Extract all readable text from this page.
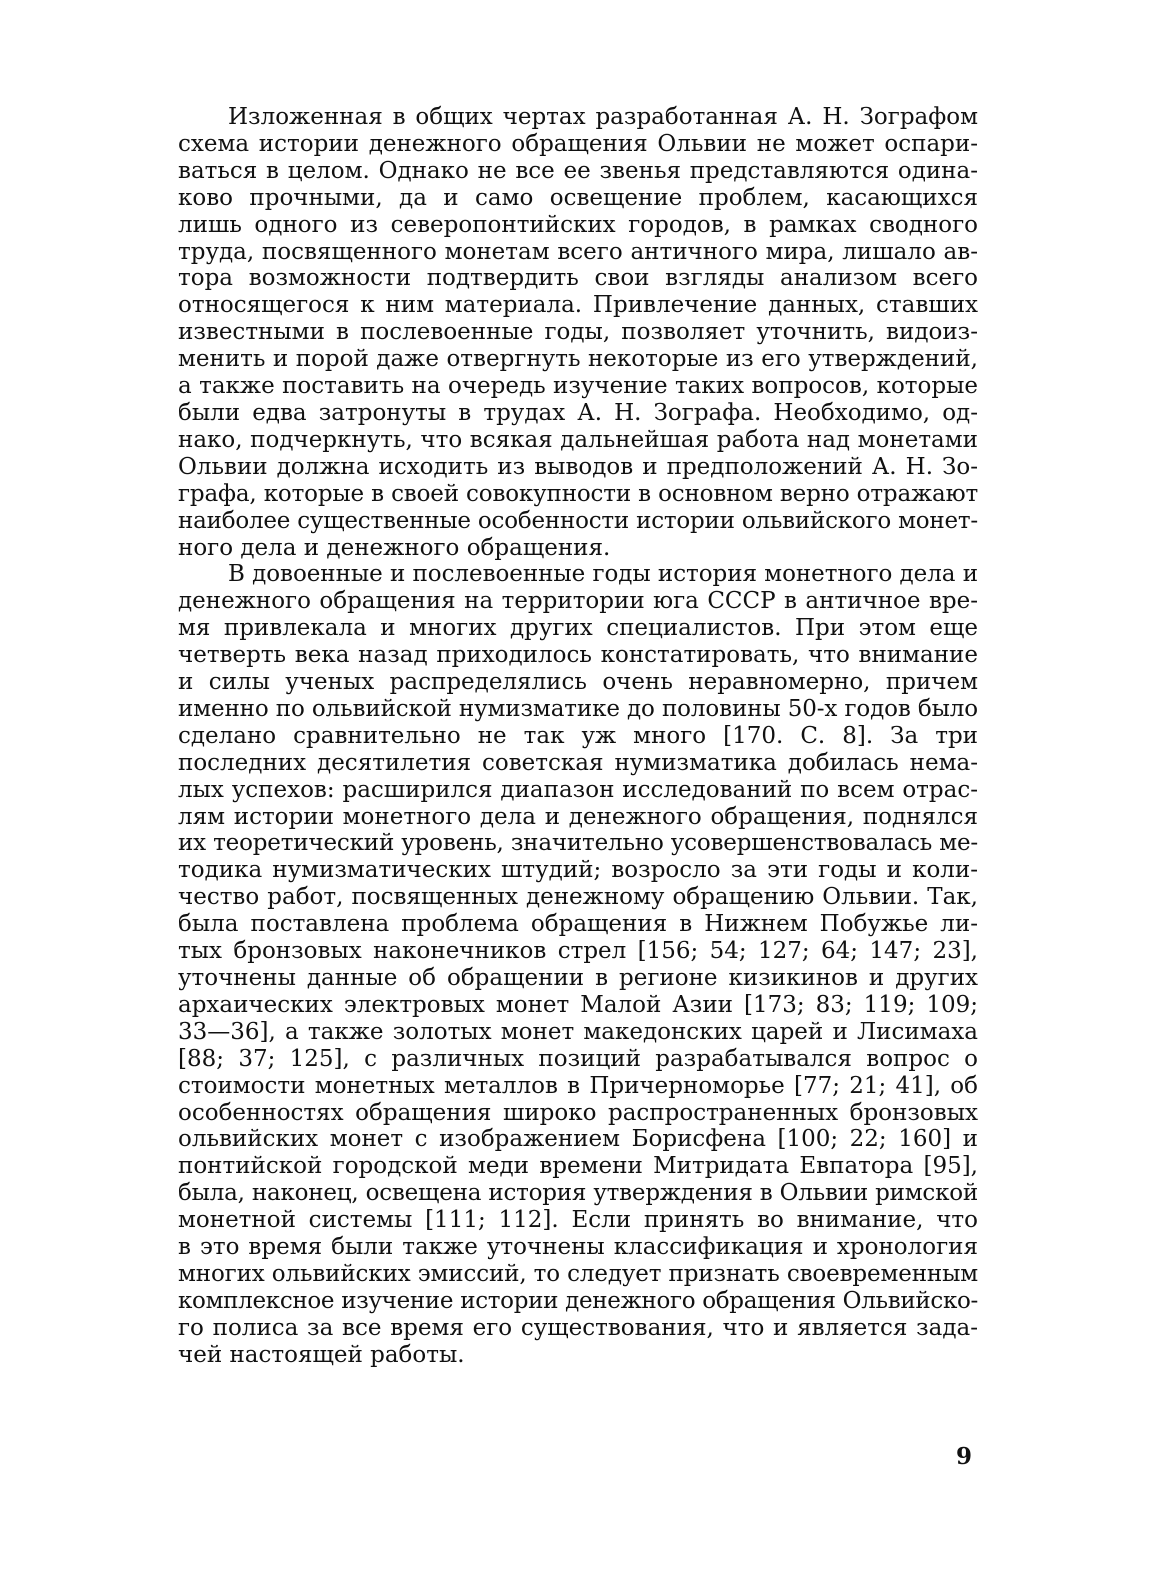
Изложенная в общих чертах разработанная А. Н. Зографом
схема истории денежного обращения Ольвии не может оспари-
ваться в целом. Однако не все ее звенья представляются одина-
ково прочными, да и само освещение проблем, касающихся
лишь одного из северопонтийских городов, в рамках сводного
труда, посвященного монетам всего античного мира, лишало ав-
тора возможности подтвердить свои взгляды анализом всего
относящегося к ним материала. Привлечение данных, ставших
известными в послевоенные годы, позволяет уточнить, видоиз-
менить и порой даже отвергнуть некоторые из его утверждений,
а также поставить на очередь изучение таких вопросов, которые
были едва затронуты в трудах А. Н. Зографа. Необходимо, од-
нако, подчеркнуть, что всякая дальнейшая работа над монетами
Ольвии должна исходить из выводов и предположений А. Н. Зо-
графа, которые в своей совокупности в основном верно отражают
наиболее существенные особенности истории ольвийского монет-
ного дела и денежного обращения.

В довоенные и послевоенные годы история монетного дела и
денежного обращения на территории юга СССР в античное вре-
мя привлекала и многих других специалистов. При этом еще
четверть века назад приходилось констатировать, что внимание
и силы ученых распределялись очень неравномерно, причем
именно по ольвийской нумизматике до половины 50-х годов было
сделано сравнительно не так уж много [170. С. 8]. За три
последних десятилетия советская нумизматика добилась нема-
лых успехов: расширился диапазон исследований по всем отрас-
лям истории монетного дела и денежного обращения, поднялся
их теоретический уровень, значительно усовершенствовалась ме-
тодика нумизматических штудий; возросло за эти годы и коли-
чество работ, посвященных денежному обращению Ольвии. Так,
была поставлена проблема обращения в Нижнем Побужье ли-
тых бронзовых наконечников стрел [156; 54; 127; 64; 147; 23],
уточнены данные об обращении в регионе кизикинов и других
архаических электровых монет Малой Азии [173; 83; 119; 109;
33—36], а также золотых монет македонских царей и Лисимаха
[88; 37; 125], с различных позиций разрабатывался вопрос о
стоимости монетных металлов в Причерноморье [77; 21; 41], об
особенностях обращения широко распространенных бронзовых
ольвийских монет с изображением Борисфена [100; 22; 160] и
понтийской городской меди времени Митридата Евпатора [95],
была, наконец, освещена история утверждения в Ольвии римской
монетной системы [111; 112]. Если принять во внимание, что
в это время были также уточнены классификация и хронология
многих ольвийских эмиссий, то следует признать своевременным
комплексное изучение истории денежного обращения Ольвийско-
го полиса за все время его существования, что и является зада-
чей настоящей работы.

9
